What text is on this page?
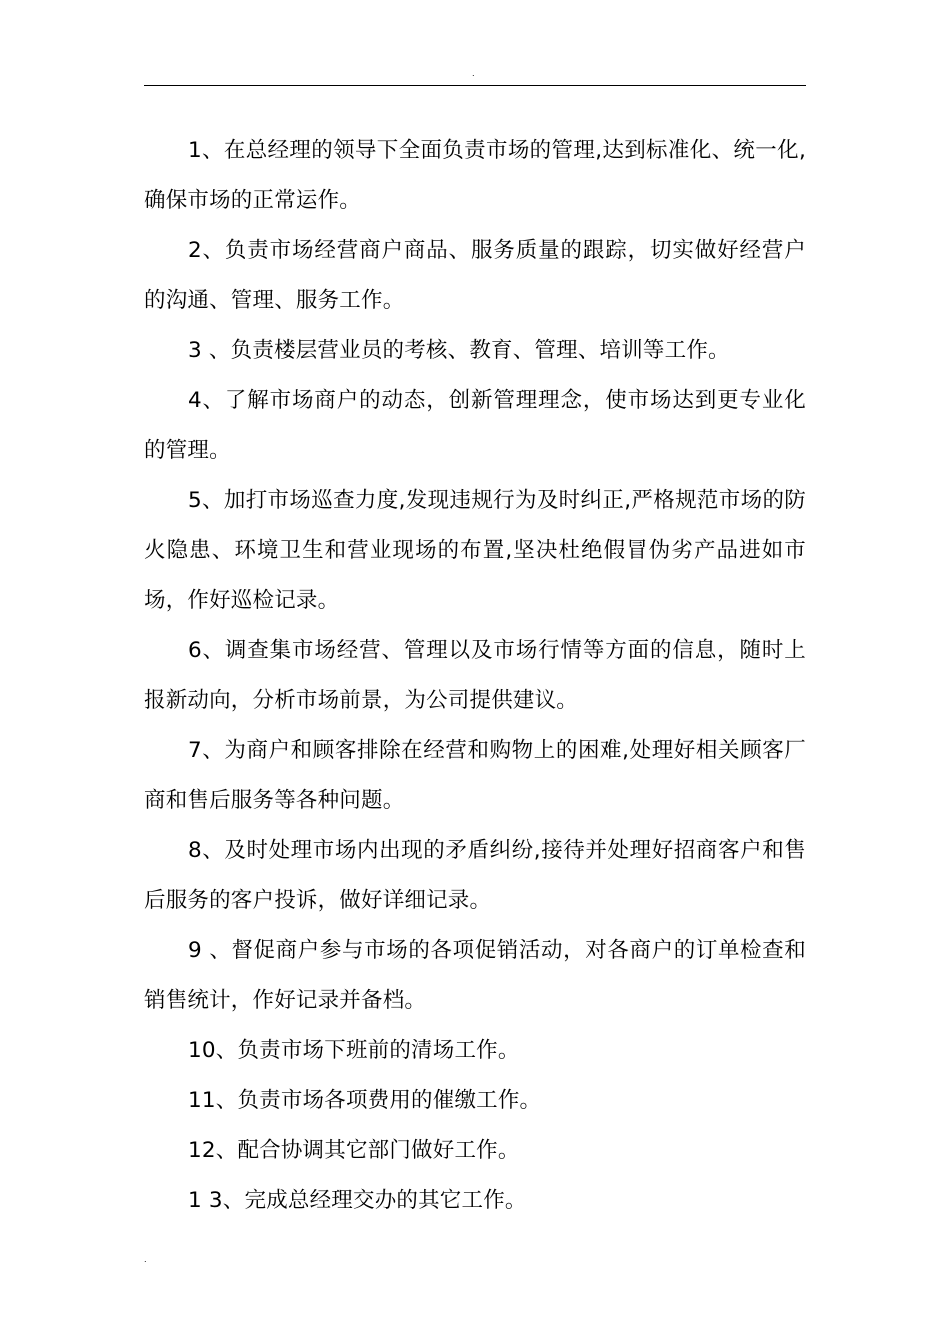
.

1、在总经理的领导下全面负责市场的管理,达到标准化、统一化,确保市场的正常运作。

2、负责市场经营商户商品、服务质量的跟踪，切实做好经营户的沟通、管理、服务工作。

3 、负责楼层营业员的考核、教育、管理、培训等工作。

4、了解市场商户的动态，创新管理理念，使市场达到更专业化的管理。

5、加打市场巡查力度,发现违规行为及时纠正,严格规范市场的防火隐患、环境卫生和营业现场的布置,坚决杜绝假冒伪劣产品进如市场，作好巡检记录。

6、调查集市场经营、管理以及市场行情等方面的信息，随时上报新动向，分析市场前景，为公司提供建议。

7、为商户和顾客排除在经营和购物上的困难,处理好相关顾客厂商和售后服务等各种问题。

8、及时处理市场内出现的矛盾纠纷,接待并处理好招商客户和售后服务的客户投诉，做好详细记录。

9 、督促商户参与市场的各项促销活动，对各商户的订单检查和销售统计，作好记录并备档。

10、负责市场下班前的清场工作。

11、负责市场各项费用的催缴工作。

12、配合协调其它部门做好工作。

1 3、完成总经理交办的其它工作。

.
